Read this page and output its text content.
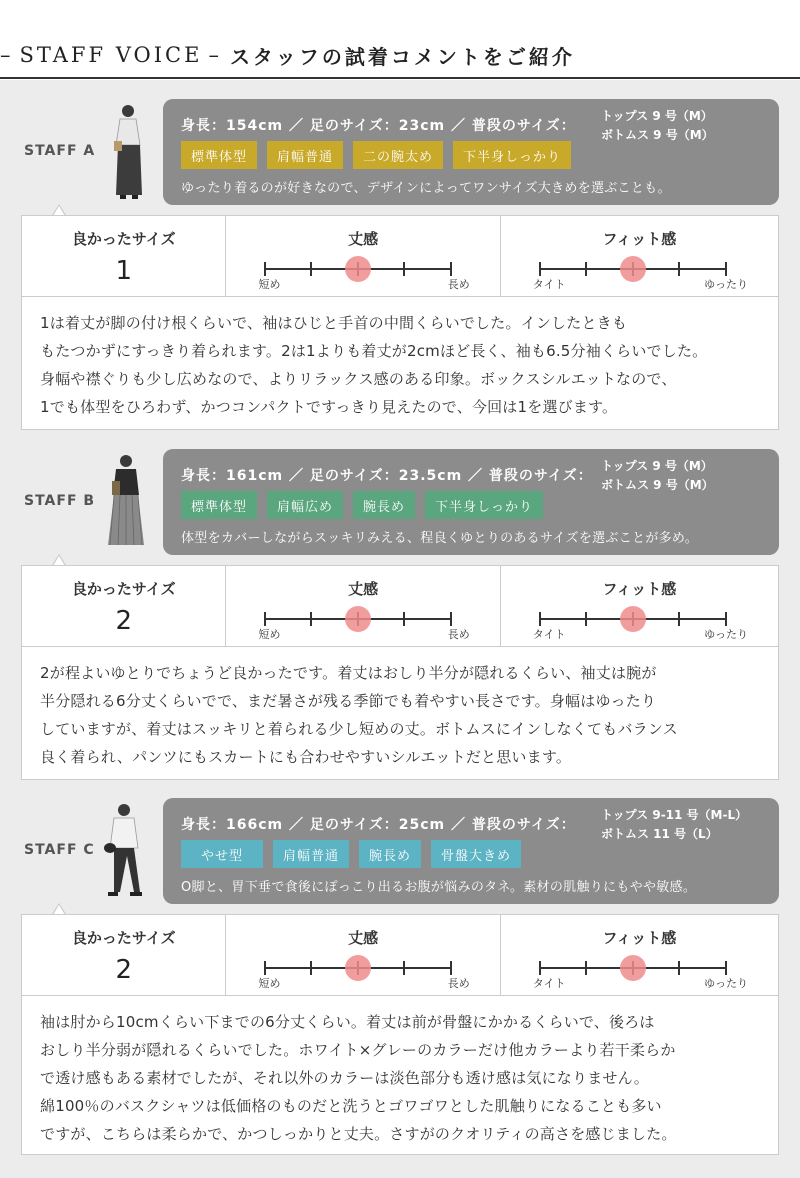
– STAFF VOICE – スタッフの試着コメントをご紹介
STAFF A
身長：154cm ／ 足のサイズ：23cm ／ 普段のサイズ：
トップス 9 号（M）
ボトムス 9 号（M）
標準体型	肩幅普通	二の腕太め	下半身しっかり
ゆったり着るのが好きなので、デザインによってワンサイズ大きめを選ぶことも。
良かったサイズ
1
丈感
短め	長め
フィット感
タイト	ゆったり

1は着丈が脚の付け根くらいで、袖はひじと手首の中間くらいでした。インしたときも

もたつかずにすっきり着られます。2は1よりも着丈が2cmほど長く、袖も6.5分袖くらいでした。

身幅や襟ぐりも少し広めなので、よりリラックス感のある印象。ボックスシルエットなので、

1でも体型をひろわず、かつコンパクトですっきり見えたので、今回は1を選びます。

STAFF B
身長：161cm ／ 足のサイズ：23.5cm ／ 普段のサイズ：
トップス 9 号（M）
ボトムス 9 号（M）
標準体型	肩幅広め	腕長め	下半身しっかり
体型をカバーしながらスッキリみえる、程良くゆとりのあるサイズを選ぶことが多め。
良かったサイズ
2
丈感
短め	長め
フィット感
タイト	ゆったり

2が程よいゆとりでちょうど良かったです。着丈はおしり半分が隠れるくらい、袖丈は腕が

半分隠れる6分丈くらいでで、まだ暑さが残る季節でも着やすい長さです。身幅はゆったり

していますが、着丈はスッキリと着られる少し短めの丈。ボトムスにインしなくてもバランス

良く着られ、パンツにもスカートにも合わせやすいシルエットだと思います。

STAFF C
身長：166cm ／ 足のサイズ：25cm ／ 普段のサイズ：
トップス 9-11 号（M-L）
ボトムス 11 号（L）
やせ型	肩幅普通	腕長め	骨盤大きめ
O脚と、胃下垂で食後にぽっこり出るお腹が悩みのタネ。素材の肌触りにもやや敏感。
良かったサイズ
2
丈感
短め	長め
フィット感
タイト	ゆったり

袖は肘から10cmくらい下までの6分丈くらい。着丈は前が骨盤にかかるくらいで、後ろは

おしり半分弱が隠れるくらいでした。ホワイト×グレーのカラーだけ他カラーより若干柔らか

で透け感もある素材でしたが、それ以外のカラーは淡色部分も透け感は気になりません。

綿100％のバスクシャツは低価格のものだと洗うとゴワゴワとした肌触りになることも多い

ですが、こちらは柔らかで、かつしっかりと丈夫。さすがのクオリティの高さを感じました。
